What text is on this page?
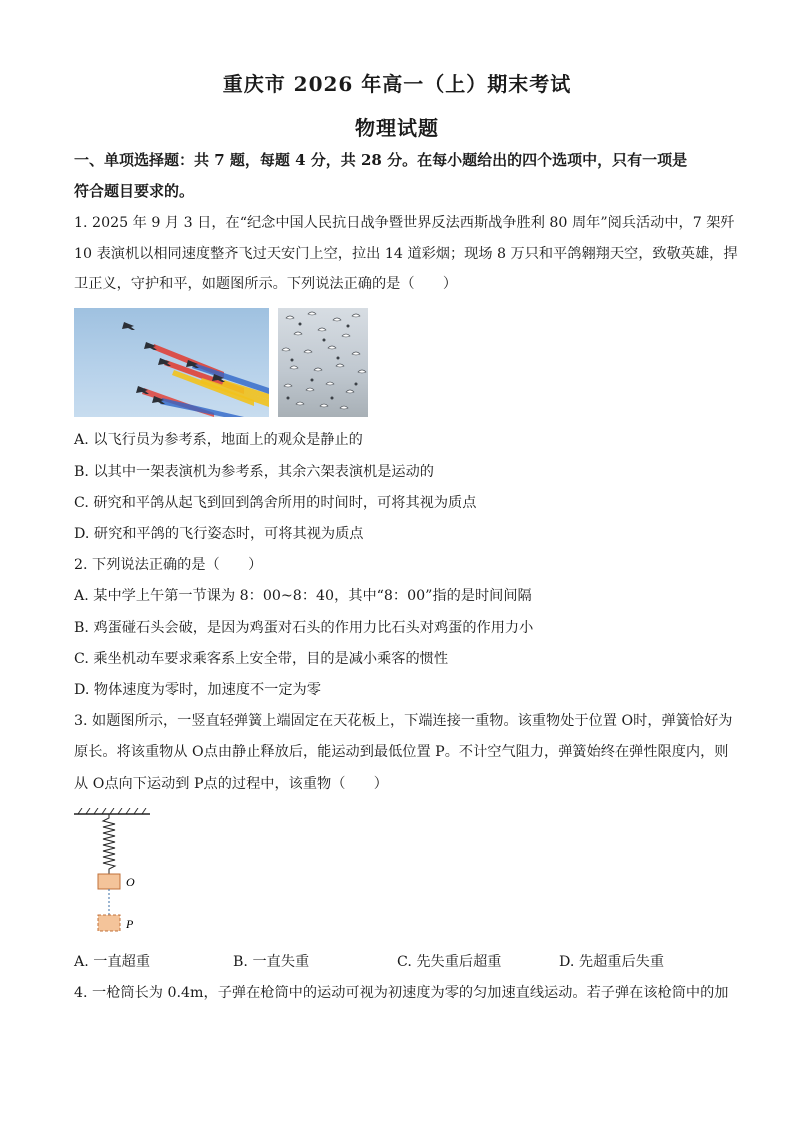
重庆市 2026 年高一（上）期末考试
物理试题
一、单项选择题：共 7 题，每题 4 分，共 28 分。在每小题给出的四个选项中，只有一项是
符合题目要求的。
1. 2025 年 9 月 3 日，在“纪念中国人民抗日战争暨世界反法西斯战争胜利 80 周年”阅兵活动中，7 架歼
10 表演机以相同速度整齐飞过天安门上空，拉出 14 道彩烟；现场 8 万只和平鸽翱翔天空，致敬英雄，捍
卫正义，守护和平，如题图所示。下列说法正确的是（　　）
A. 以飞行员为参考系，地面上的观众是静止的
B. 以其中一架表演机为参考系，其余六架表演机是运动的
C. 研究和平鸽从起飞到回到鸽舍所用的时间时，可将其视为质点
D. 研究和平鸽的飞行姿态时，可将其视为质点
2. 下列说法正确的是（　　）
A. 某中学上午第一节课为 8：00~8：40，其中“8：00”指的是时间间隔
B. 鸡蛋碰石头会破，是因为鸡蛋对石头的作用力比石头对鸡蛋的作用力小
C. 乘坐机动车要求乘客系上安全带，目的是减小乘客的惯性
D. 物体速度为零时，加速度不一定为零
3. 如题图所示，一竖直轻弹簧上端固定在天花板上，下端连接一重物。该重物处于位置 O时，弹簧恰好为
原长。将该重物从 O点由静止释放后，能运动到最低位置 P。不计空气阻力，弹簧始终在弹性限度内，则
从 O点向下运动到 P点的过程中，该重物（　　）
O
P
A. 一直超重	B. 一直失重	C. 先失重后超重	D. 先超重后失重
4. 一枪筒长为 0.4m，子弹在枪筒中的运动可视为初速度为零的匀加速直线运动。若子弹在该枪筒中的加
